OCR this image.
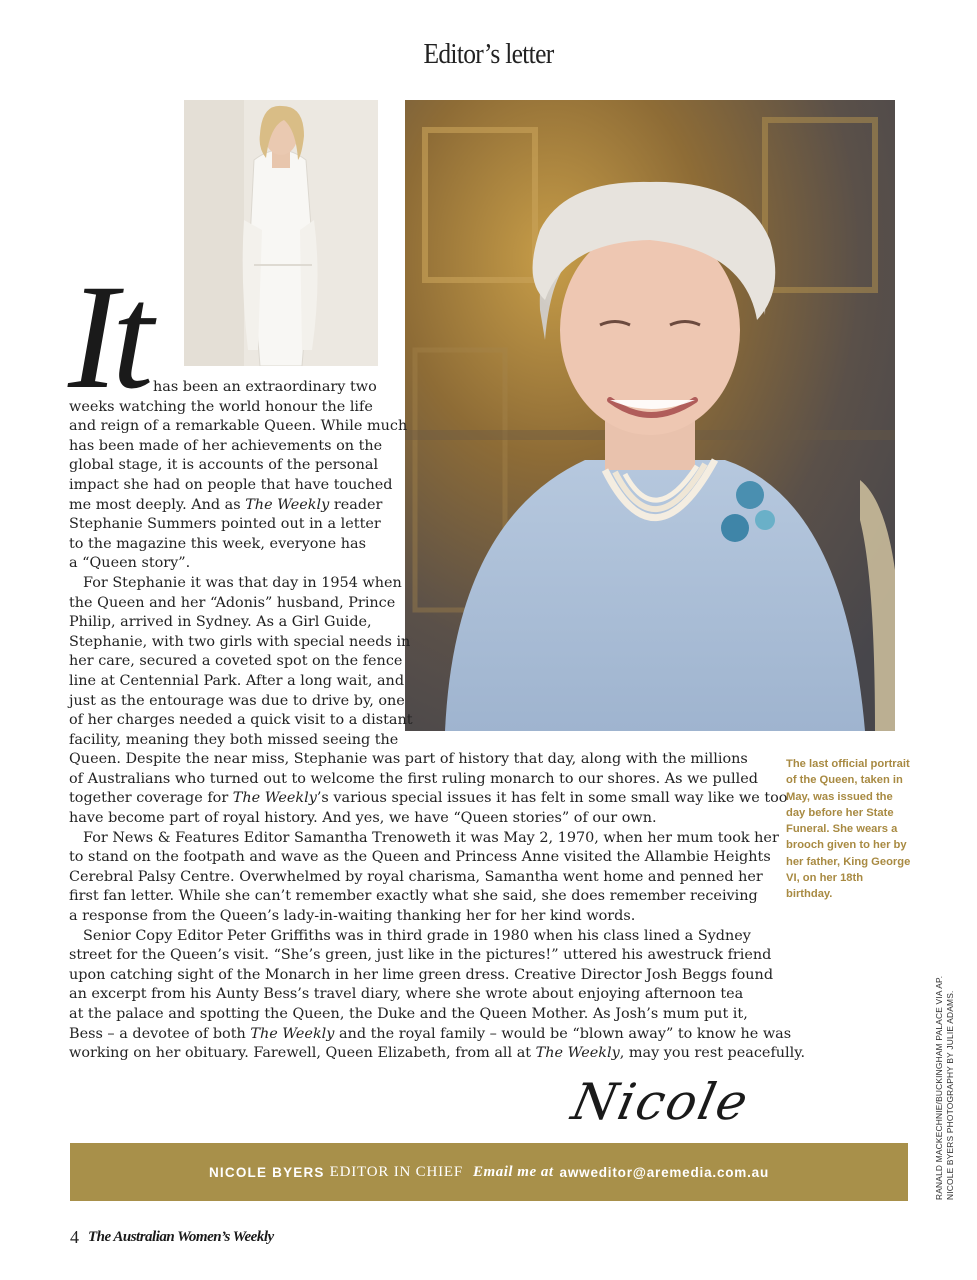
Editor’s letter
It has been an extraordinary two
weeks watching the world honour the life
and reign of a remarkable Queen. While much
has been made of her achievements on the
global stage, it is accounts of the personal
impact she had on people that have touched
me most deeply. And as The Weekly reader
Stephanie Summers pointed out in a letter
to the magazine this week, everyone has
a “Queen story”.
For Stephanie it was that day in 1954 when
the Queen and her “Adonis” husband, Prince
Philip, arrived in Sydney. As a Girl Guide,
Stephanie, with two girls with special needs in
her care, secured a coveted spot on the fence
line at Centennial Park. After a long wait, and
just as the entourage was due to drive by, one
of her charges needed a quick visit to a distant
facility, meaning they both missed seeing the
Queen. Despite the near miss, Stephanie was part of history that day, along with the millions
of Australians who turned out to welcome the first ruling monarch to our shores. As we pulled
together coverage for The Weekly’s various special issues it has felt in some small way like we too
have become part of royal history. And yes, we have “Queen stories” of our own.
For News & Features Editor Samantha Trenoweth it was May 2, 1970, when her mum took her
to stand on the footpath and wave as the Queen and Princess Anne visited the Allambie Heights
Cerebral Palsy Centre. Overwhelmed by royal charisma, Samantha went home and penned her
first fan letter. While she can’t remember exactly what she said, she does remember receiving
a response from the Queen’s lady-in-waiting thanking her for her kind words.
Senior Copy Editor Peter Griffiths was in third grade in 1980 when his class lined a Sydney
street for the Queen’s visit. “She’s green, just like in the pictures!” uttered his awestruck friend
upon catching sight of the Monarch in her lime green dress. Creative Director Josh Beggs found
an excerpt from his Aunty Bess’s travel diary, where she wrote about enjoying afternoon tea
at the palace and spotting the Queen, the Duke and the Queen Mother. As Josh’s mum put it,
Bess – a devotee of both The Weekly and the royal family – would be “blown away” to know he was
working on her obituary. Farewell, Queen Elizabeth, from all at The Weekly, may you rest peacefully.
The last official portrait of the Queen, taken in May, was issued the day before her State Funeral. She wears a brooch given to her by her father, King George VI, on her 18th birthday.
RANALD MACKECHNIE/BUCKINGHAM PALACE VIA AP. NICOLE BYERS PHOTOGRAPHY BY JULIE ADAMS.
Nicole
NICOLE BYERS EDITOR IN CHIEF Email me at awweditor@aremedia.com.au
4 The Australian Women’s Weekly
